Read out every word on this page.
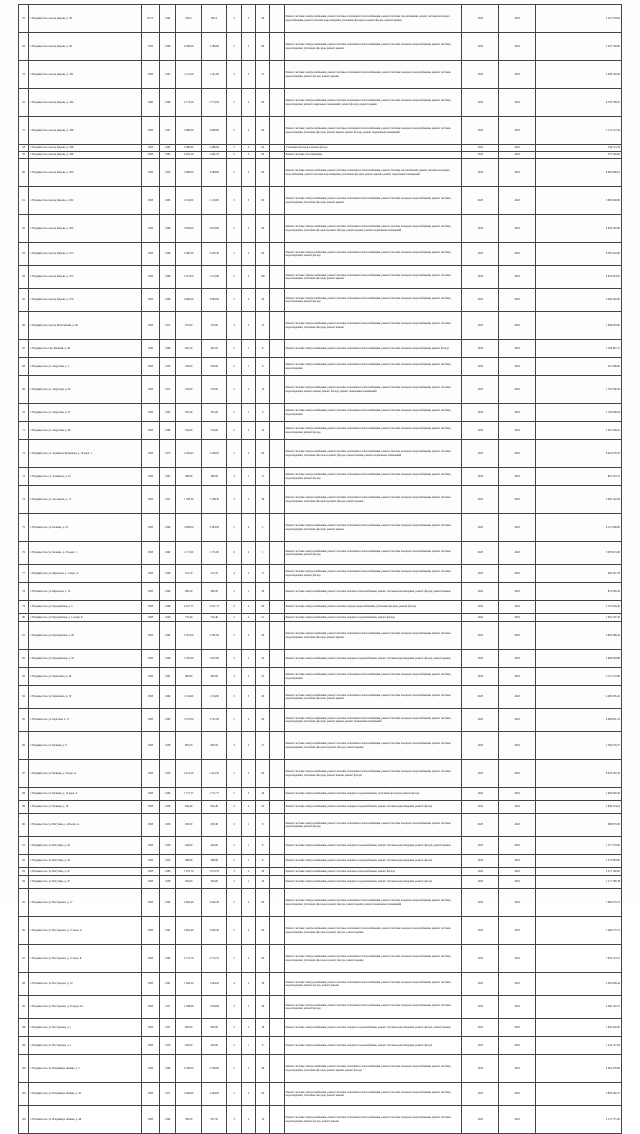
55	г. Владивосток, проезд Кирова, д. 36	ПЗ У	1962	805,2	805,2	3	3	39		Ремонт системы электроснабжения, ремонт системы отопления и теплоснабжения, ремонт системы газоснабжения, ремонт системы холодного водоснабжения, ремонт системы водоотведения, утепление фасадов и ремонт фасада, ремонт крыши	2023	2022	2 227 333,84
56	г. Владивосток, проезд Кирова, д. 60	1979	1960	2 180,00	2 180,00	5	3	86		Ремонт системы электроснабжения, ремонт системы отопления и теплоснабжения, ремонт системы холодного водоснабжения, ремонт системы водоотведения, утепление фасадов, ремонт крыши	2023	2022	5 047 790,00
53	г. Владивосток, проезд Кирова, д. 162	1958	1965	1 121,00	1 121,00	3	3	37		Ремонт системы электроснабжения, ремонт системы отопления и теплоснабжения, ремонт системы холодного водоснабжения, ремонт системы водоотведения, ремонт фасада, ремонт крыши	2023	2022	2 408 149,58
52	г. Владивосток, проезд Кирова, д. 164	1966	1966	2 773,50	2 773,50	5	4	60		Ремонт системы электроснабжения, ремонт системы отопления и теплоснабжения, ремонт системы холодного водоснабжения, ремонт системы водоотведения, ремонт подвальных помещений, ремонт фасада, ремонт крыши	2023	2022	6 756 708,91
57	г. Владивосток, проезд Кирова, д. 168	1958	1967	2 960,00	2 960,00	5	4	60		Ремонт системы электроснабжения, ремонт системы отопления и теплоснабжения, ремонт системы холодного водоснабжения, ремонт системы водоотведения, утепление фасадов, ремонт крыши, ремонт фасада, ремонт подвальных помещений	2023	2022	7 151 512,34
58	г. Владивосток, проезд Кирова, д. 168	1958	1965	2 486,60	2 486,60	5	4	64		Утепление фасадов и ремонт фасада	2022	2022	546 712,29
59	г. Владивосток, проезд Кирова, д. 168	1958	1965	2 481,10	2 481,10	5	4	64		Ремонт системы газоснабжения	2022	2022	537 240,00
60	г. Владивосток, проезд Кирова, д. 200	1958	1959	3 288,00	3 288,00	5	4	60		Ремонт системы электроснабжения, ремонт системы отопления и теплоснабжения, ремонт системы газоснабжения, ремонт системы холодного водоснабжения, ремонт системы водоотведения, утепление фасадов, ремонт крыши, ремонт подвальных помещений	2023	2022	8 605 096,61
61	г. Владивосток, проезд Кирова, д. 202	1958	1963	2 119,00	2 119,00	5	3	60		Ремонт системы электроснабжения, ремонт системы отопления и теплоснабжения, ремонт системы холодного водоснабжения, ремонт системы водоотведения, утепление фасадов, ремонт крыши	2023	2022	5 083 490,90
62	г. Владивосток, проезд Кирова, д. 204	1958	1966	3 870,00	3 870,00	5	4	90		Ремонт системы электроснабжения, ремонт системы отопления и теплоснабжения, ремонт системы холодного водоснабжения, ремонт системы водоотведения, утепление фасадов и ремонт фасада, ремонт крыши, ремонт подвальных помещений	2023	2022	6 993 420,00
63	г. Владивосток, проезд Кирова, д. 275	1958	1968	4 566,30	2 295,30	5	4	60		Ремонт системы электроснабжения, ремонт системы отопления и теплоснабжения, ремонт системы холодного водоснабжения, ремонт системы водоотведения, ремонт фасада	2023	2022	6 387 622,00
64	г. Владивосток, проезд Кирова, д. 275	1958	1969	2 317,00	2 215,90	5	4	100		Ремонт системы электроснабжения, ремонт системы отопления и теплоснабжения, ремонт системы холодного водоснабжения, ремонт системы водоотведения, утепление фасадов, ремонт крыши	2023	2022	6 616 623,92
65	г. Владивосток, проезд Кирова, д. 279	1958	1968	4 600,00	3 982,00	5	4	50		Ремонт системы электроснабжения, ремонт системы отопления и теплоснабжения, ремонт системы холодного водоснабжения, ремонт системы водоотведения, ремонт фасада	2023	2022	5 490 240,00
66	г. Владивосток, проезд Монтажный, д. 36	1958	1972	375,00	375,00	3	3	15		Ремонт системы электроснабжения, ремонт системы отопления и теплоснабжения, ремонт системы холодного водоснабжения, ремонт системы водоотведения, утепление фасадов, ремонт крыши	2023	2022	1 099 603,00
67	г. Владивосток, пер. Рыбный, д. 40	1936	1969	405,10	405,10	2	1	8		Ремонт системы электроснабжения, ремонт системы отопления и теплоснабжения, ремонт системы холодного водоснабжения, ремонт фасада	2023	2022	1 659 897,11
68	г. Владивосток, ул. Амурская, д. 1	1958	1935	256,00	256,00	2	1	6		Ремонт системы электроснабжения, ремонт системы отопления и теплоснабжения, ремонт системы холодного водоснабжения, ремонт системы водоотведения	2023	2022	421 406,00
69	г. Владивосток, ул. Амурская, д. 40	1958	1972	578,00	578,00	2	2	14		Ремонт системы электроснабжения, ремонт системы отопления и теплоснабжения, ремонт системы холодного водоснабжения, ремонт системы водоотведения, ремонт крыши, ремонт фасада, ремонт подвальных помещений	2023	2022	1 703 560,29
70	г. Владивосток, ул. Амурская, д. 47	1958	1963	353,20	353,20	2	1	9		Ремонт системы электроснабжения, ремонт системы отопления и теплоснабжения, ремонт системы холодного водоснабжения, ремонт системы водоотведения	2022	2022	1 120 969,94
71	г. Владивосток, ул. Амурская, д. 48	1958	1968	554,00	554,00	2	2	10		Ремонт системы электроснабжения, ремонт системы отопления и теплоснабжения, ремонт системы холодного водоснабжения, ремонт системы водоотведения, ремонт фасада	2023	2022	1 481 349,41
72	г. Владивосток, ул. Адмирала Кузнецова, д. 10 корп. 1	1958	1973	2 456,95	2 456,95	5	4	60		Ремонт системы электроснабжения, ремонт системы отопления и теплоснабжения, ремонт системы холодного водоснабжения, ремонт системы водоотведения, утепление фасадов и ремонт фасада, ремонт крыши, ремонт подвальных помещений	2023	2022	8 616 076,35
73	г. Владивосток, ул. Адмирала, д. 25	1958	1967	280,00	280,00	3	1	17		Ремонт системы электроснабжения, ремонт системы отопления и теплоснабжения, ремонт системы холодного водоснабжения, ремонт системы водоотведения, ремонт фасада	2023	2022	891 219,72
74	г. Владивосток, ул. Арсеньева, д. 17	1958	1957	1 108,30	1 108,30	3	3	36		Ремонт системы электроснабжения, ремонт системы отопления и теплоснабжения, ремонт системы холодного водоснабжения, ремонт системы водоотведения, утепление фасадов и ремонт фасада, ремонт крыши	2023	2022	5 082 142,84
75	г. Владивосток, ул. Баляева, д. 25	1958	1960	3 483,00	3 483,00	5	6	2		Ремонт системы электроснабжения, ремонт системы отопления и теплоснабжения, ремонт системы холодного водоснабжения, ремонт системы водоотведения, утепление фасадов, ремонт крыши	2023	2022	9 127 069,00
76	г. Владивосток, ул. Баляева, д. 34 корп. 1	1958	1962	1 171,00	1 171,00	6	4	1		Ремонт системы электроснабжения, ремонт системы отопления и теплоснабжения, ремонт системы холодного водоснабжения, ремонт системы водоотведения, ремонт фасада	2023	2022	3 676 615,00
77	г. Владивосток, ул. Бирюзова, д. 1 корп. А	1958	1938	512,70	512,70	4	2	17		Ремонт системы электроснабжения, ремонт системы отопления и теплоснабжения, ремонт системы холодного водоснабжения, ремонт системы водоотведения, ремонт фасада	2023	2022	909 421,78
78	г. Владивосток, ул. Бирюзова, д. 13	1958	1960	280,20	280,20	2	1	28		Ремонт системы электроснабжения, ремонт системы холодного водоснабжения, ремонт системы водоотведения, ремонт фасада, ремонт крыши	2022	2022	872 096,26
79	г. Владивосток, ул. Бородинская, д. 5	1958	1968	4 437,73	4 437,73	9	2	84		Ремонт системы электроснабжения, ремонт системы горячего водоснабжения, утепление фасадов, ремонт фасада	2023	2022	3 541 620,20
80	г. Владивосток, ул. Бородинская, д. 11 корп. Б	1958	1959	732,40	732,40	2	2	21		Ремонт системы электроснабжения, ремонт системы холодного водоснабжения, ремонт фасада	2022	2022	1 991 567,20
81	г. Владивосток, ул. Бородинская, д. 26	1958	1964	2 391,00	2 391,00	5	4	40		Ремонт системы электроснабжения, ремонт системы отопления и теплоснабжения, ремонт системы холодного водоснабжения, ремонт системы водоотведения, утепление фасадов, ремонт крыши	2023	2022	3 826 398,44
82	г. Владивосток, ул. Бородинская, д. 34	1958	1938	1 047,00	1 047,00	3	2	24		Ремонт системы электроснабжения, ремонт системы холодного водоснабжения, ремонт системы водоотведения, ремонт фасада, ремонт крыши	2023	2022	2 669 084,88
83	г. Владивосток, ул. Борисенко, д. 49	1958	1961	962,00	962,00	3	2	22		Ремонт системы электроснабжения, ремонт системы отопления и теплоснабжения, ремонт системы холодного водоснабжения, ремонт системы водоотведения	2023	2022	2 511 572,00
84	г. Владивосток, ул. Борисенко, д. 50	1958	1964	1 154,90	1 154,90	5	3	40		Ремонт системы электроснабжения, ремонт системы отопления и теплоснабжения, ремонт системы холодного водоснабжения, ремонт системы водоотведения, утепление фасадов, ремонт крыши	2023	2022	4 200 285,24
85	г. Владивосток, ул. Братская, д. 17	1958	1963	3 137,00	3 137,00	5	4	60		Ремонт системы электроснабжения, ремонт системы отопления и теплоснабжения, ремонт системы холодного водоснабжения, ремонт системы водоотведения, утепление фасадов, ремонт крыши, ремонт подвальных помещений	2023	2022	6 099 801,74
86	г. Владивосток, ул. Бульвар, д. 9	1958	1958	802,50	802,50	3	2	27		Ремонт системы электроснабжения, ремонт системы отопления и теплоснабжения, ремонт системы холодного водоснабжения, ремонт системы водоотведения, утепление фасадов и ремонт фасада, ремонт крыши	2023	2022	1 566 570,27
87	г. Владивосток, ул. Бульвар, д. 9 корп. А	1958	1956	2 412,50	2 412,50	5	3	60		Ремонт системы электроснабжения, ремонт системы отопления и теплоснабжения, ремонт системы холодного водоснабжения, ремонт системы водоотведения, утепление фасадов, ремонт крыши, ремонт фасада	2023	2022	8 918 792,10
88	г. Владивосток, ул. Бульвар, д. 14 корп. А	1958	1966	1 771,77	1 771,77	5	3	26		Ремонт системы электроснабжения, ремонт системы холодного водоснабжения, утепление фасадов и ремонт фасада	2022	2022	1 664 082,40
89	г. Владивосток, ул. Бульвар, д. 16	1958	1958	844,40	844,40	4	2	22		Ремонт системы электроснабжения, ремонт системы холодного водоснабжения, ремонт системы водоотведения, ремонт фасада	2022	2022	1 836 254,04
90	г. Владивосток, ул. Ватутина, д. 40 корп. А	1958	1956	236,30	236,30	2	1	8		Ремонт системы электроснабжения, ремонт системы отопления и теплоснабжения, ремонт системы холодного водоснабжения, ремонт системы водоотведения, ремонт фасада	2023	2022	968 979,39
91	г. Владивосток, ул. Ватутина, д. 42	1958	1958	446,00	446,00	2	1	8		Ремонт системы электроснабжения, ремонт системы холодного водоснабжения, ремонт системы водоотведения, ремонт фасада, ремонт крыши	2023	2022	1 377 334,96
92	г. Владивосток, ул. Ватутина, д. 44	1958	1956	288,90	288,90	2	1	8		Ремонт системы электроснабжения, ремонт системы холодного водоснабжения, ремонт системы водоотведения, ремонт фасада	2022	2022	1 373 663,00
93	г. Владивосток, ул. Ватутина, д. 47	1958	1960	1 072,70	1 072,70	3	2	30		Ремонт системы электроснабжения, ремонт системы холодного водоснабжения, ремонт фасада	2022	2022	2 271 160,00
94	г. Владивосток, ул. Ватутина, д. 47	1958	1958	504,00	504,00	2	1	10		Ремонт системы электроснабжения, ремонт системы холодного водоснабжения, ремонт системы водоотведения, ремонт фасада	2023	2022	1 171 780,38
95	г. Владивосток, ул. Вострецова, д. 17	1958	1962	2 962,40	2 962,40	5	4	66		Ремонт системы электроснабжения, ремонт системы отопления и теплоснабжения, ремонт системы холодного водоснабжения, ремонт системы водоотведения, утепление фасадов и ремонт фасада, ремонт крыши, ремонт подвальных помещений	2023	2022	7 669 679,72
96	г. Владивосток, ул. Вострецова, д. 17 корп. А	1958	1961	2 962,40	2 962,40	5	4	66		Ремонт системы электроснабжения, ремонт системы отопления и теплоснабжения, ремонт системы холодного водоснабжения, ремонт системы водоотведения, утепление фасадов и ремонт фасада, ремонт крыши	2023	2022	7 489 575,72
97	г. Владивосток, ул. Вострецова, д. 17 корп. Б	1958	1962	2 772,70	2 772,70	5	4	66		Ремонт системы электроснабжения, ремонт системы отопления и теплоснабжения, ремонт системы холодного водоснабжения, ремонт системы водоотведения, утепление фасадов и ремонт фасада, ремонт крыши	2023	2022	7 959 723,51
98	г. Владивосток, ул. Вострецова, д. 19	1958	1961	1 664,20	1 664,20	4	2	36		Ремонт системы электроснабжения, ремонт системы отопления и теплоснабжения, ремонт системы холодного водоснабжения, ремонт системы водоотведения, ремонт фасада, ремонт крыши	2023	2022	5 092 999,44
99	г. Владивосток, ул. Вострецова, д. 25 корп. 2А	1958	1957	1 638,08	1 638,08	3	3	36		Ремонт системы электроснабжения, ремонт системы отопления и теплоснабжения, ремонт системы холодного водоснабжения, ремонт системы водоотведения, ремонт фасада	2023	2022	4 200 142,21
100	г. Владивосток, ул. Вострецова, д. 1	1958	1957	692,00	692,00	2	2	18		Ремонт системы электроснабжения, ремонт системы холодного водоснабжения, ремонт системы водоотведения, ремонт фасада, ремонт крыши	2023	2022	1 845 440,00
101	г. Владивосток, ул. Вострецова, д. 1	1958	1956	456,00	456,00	2	1	8		Ремонт системы электроснабжения, ремонт системы холодного водоснабжения, ремонт системы водоотведения, ремонт фасада	2023	2022	1 244 127,64
102	г. Владивосток, ул. Владимира Ленина, д. 5	1958	1960	2 336,00	2 336,00	5	3	28		Ремонт системы электроснабжения, ремонт системы отопления и теплоснабжения, ремонт системы холодного водоснабжения, ремонт системы водоотведения, утепление фасадов, ремонт крыши, ремонт фасада	2023	2022	6 064 278,69
103	г. Владивосток, ул. Владимира Ленина, д. 45	1958	1971	2 484,00	2 484,00	5	4	60		Ремонт системы электроснабжения, ремонт системы отопления и теплоснабжения, ремонт системы холодного водоснабжения, ремонт системы водоотведения, утепление фасадов, ремонт крыши	2023	2022	5 803 492,37
104	г. Владивосток, ул. Владимира Ленина, д. 48	1958	1960	786,30	957,50	3	2	12		Ремонт системы электроснабжения, ремонт системы отопления и теплоснабжения, ремонт системы холодного водоснабжения, ремонт системы водоотведения, ремонт фасада, ремонт крыши	2023	2022	2 131 771,00
